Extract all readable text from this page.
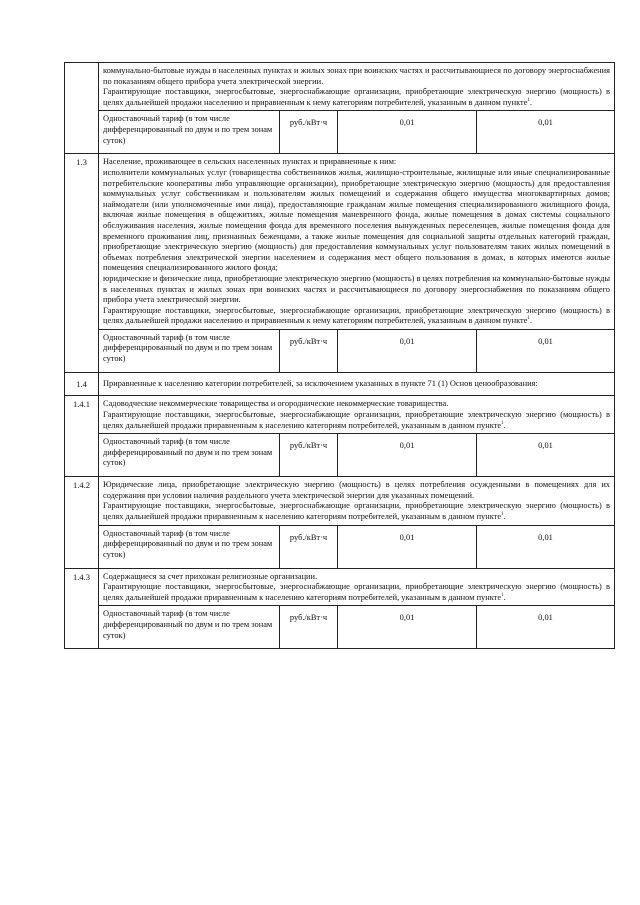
коммунально-бытовые нужды в населенных пунктах и жилых зонах при воинских частях и рассчитывающиеся по договору энергоснабжения по показаниям общего прибора учета электрической энергии.

Гарантирующие поставщики, энергосбытовые, энергоснабжающие организации, приобретающие электрическую энергию (мощность) в целях дальнейшей продажи населению и приравненным к нему категориям потребителей, указанным в данном пункте$^1$.

Одноставочный тариф (в том числе дифференцированный по двум и по трем зонам суток)	руб./кВт·ч	0,01	0,01

1.3	Население, проживающее в сельских населенных пунктах и приравненные к ним:

исполнители коммунальных услуг (товарищества собственников жилья, жилищно-строительные, жилищные или иные специализированные потребительские кооперативы либо управляющие организации), приобретающие электрическую энергию (мощность) для предоставления коммунальных услуг собственникам и пользователям жилых помещений и содержания общего имущества многоквартирных домов; наймодатели (или уполномоченные ими лица), предоставляющие гражданам жилые помещения специализированного жилищного фонда, включая жилые помещения в общежитиях, жилые помещения маневренного фонда, жилые помещения в домах системы социального обслуживания населения, жилые помещения фонда для временного поселения вынужденных переселенцев, жилые помещения фонда для временного проживания лиц, признанных беженцами, а также жилые помещения для социальной защиты отдельных категорий граждан, приобретающие электрическую энергию (мощность) для предоставления коммунальных услуг пользователям таких жилых помещений в объемах потребления электрической энергии населением и содержания мест общего пользования в домах, в которых имеются жилые помещения специализированного жилого фонда;

юридические и физические лица, приобретающие электрическую энергию (мощность) в целях потребления на коммунально-бытовые нужды в населенных пунктах и жилых зонах при воинских частях и рассчитывающиеся по договору энергоснабжения по показаниям общего прибора учета электрической энергии.

Гарантирующие поставщики, энергосбытовые, энергоснабжающие организации, приобретающие электрическую энергию (мощность) в целях дальнейшей продажи населению и приравненным к нему категориям потребителей, указанным в данном пункте$^1$.

Одноставочный тариф (в том числе дифференцированный по двум и по трем зонам суток)	руб./кВт·ч	0,01	0,01

1.4	Приравненные к населению категории потребителей, за исключением указанных в пункте 71 (1) Основ ценообразования:

1.4.1	Садоводческие некоммерческие товарищества и огороднические некоммерческие товарищества.

Гарантирующие поставщики, энергосбытовые, энергоснабжающие организации, приобретающие электрическую энергию (мощность) в целях дальнейшей продажи приравненным к населению категориям потребителей, указанным в данном пункте$^1$.

Одноставочный тариф (в том числе дифференцированный по двум и по трем зонам суток)	руб./кВт·ч	0,01	0,01

1.4.2	Юридические лица, приобретающие электрическую энергию (мощность) в целях потребления осужденными в помещениях для их содержания при условии наличия раздельного учета электрической энергии для указанных помещений.

Гарантирующие поставщики, энергосбытовые, энергоснабжающие организации, приобретающие электрическую энергию (мощность) в целях дальнейшей продажи приравненным к населению категориям потребителей, указанным в данном пункте$^1$.

Одноставочный тариф (в том числе дифференцированный по двум и по трем зонам суток)	руб./кВт·ч	0,01	0,01

1.4.3	Содержащиеся за счет прихожан религиозные организации.

Гарантирующие поставщики, энергосбытовые, энергоснабжающие организации, приобретающие электрическую энергию (мощность) в целях дальнейшей продажи приравненным к населению категориям потребителей, указанным в данном пункте$^1$.

Одноставочный тариф (в том числе дифференцированный по двум и по трем зонам суток)	руб./кВт·ч	0,01	0,01
